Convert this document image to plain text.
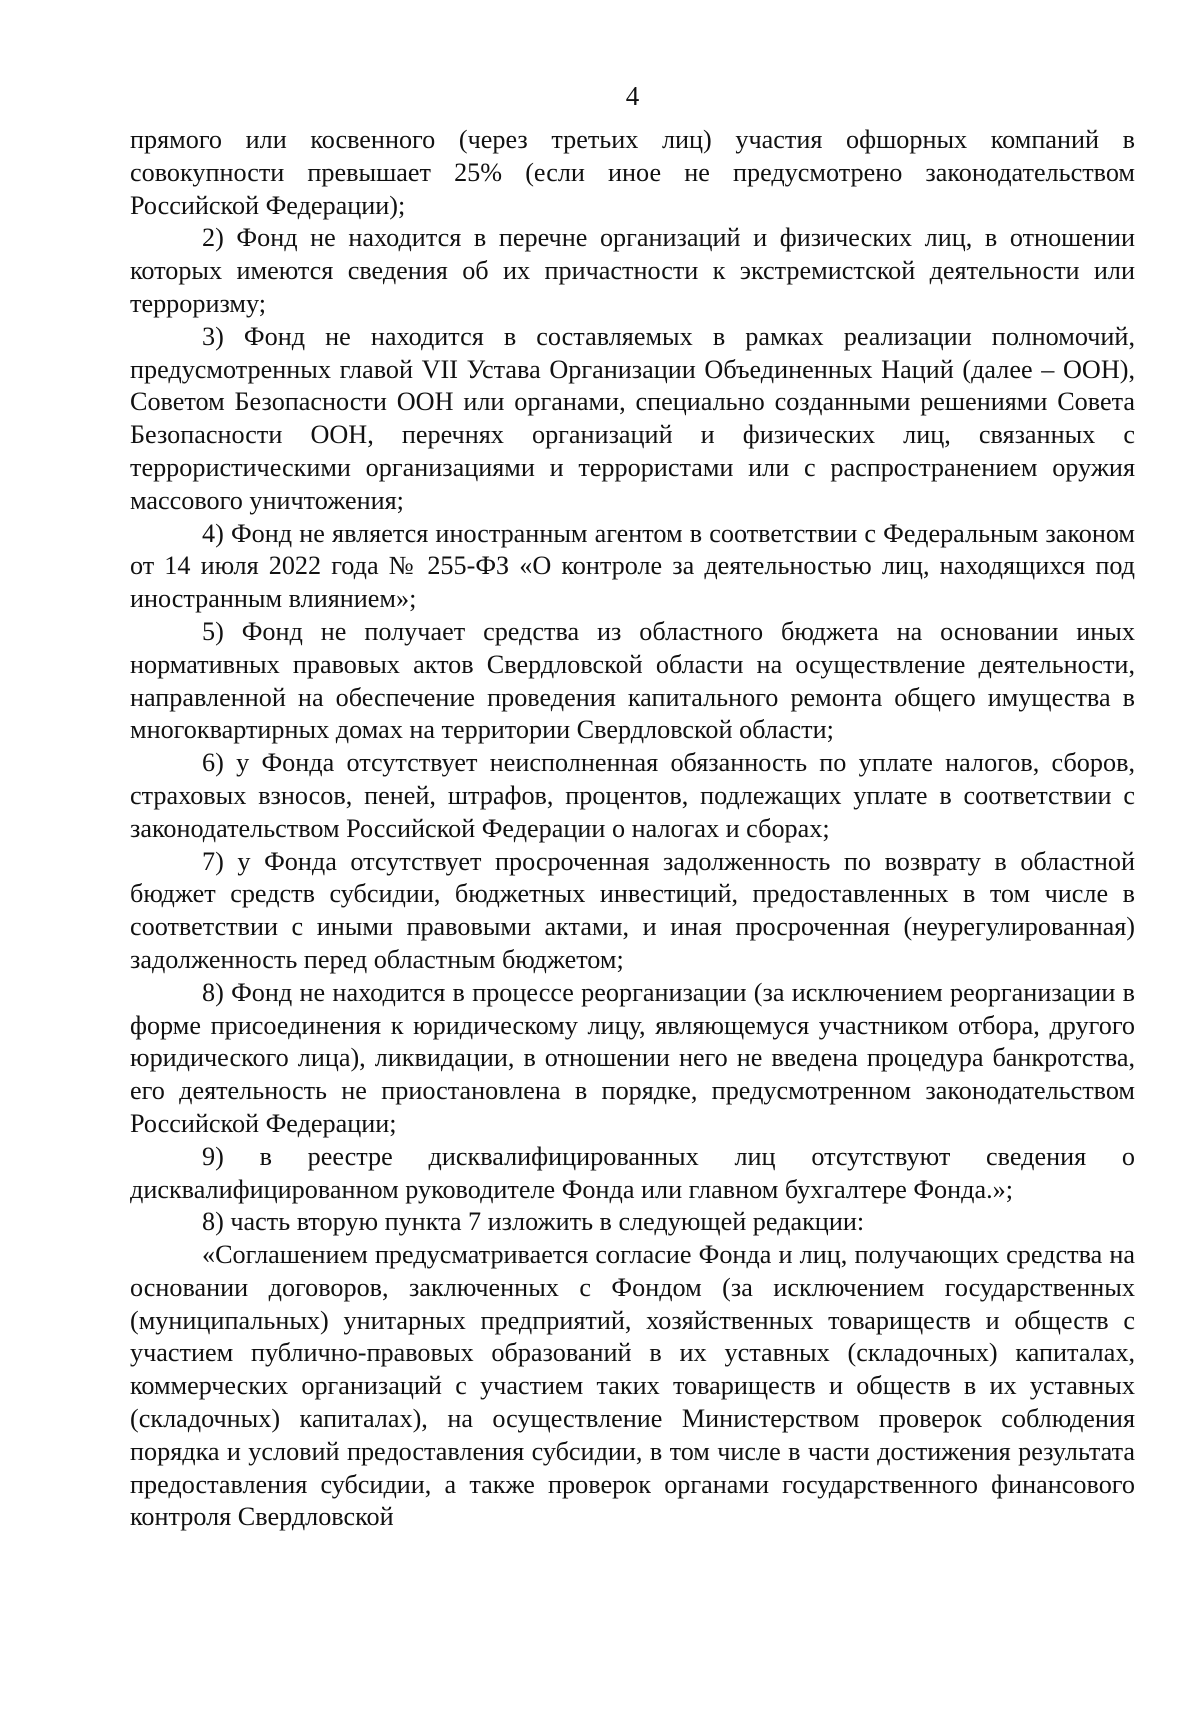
4

прямого или косвенного (через третьих лиц) участия офшорных компаний в совокупности превышает 25% (если иное не предусмотрено законодательством Российской Федерации);

2) Фонд не находится в перечне организаций и физических лиц, в отношении которых имеются сведения об их причастности к экстремистской деятельности или терроризму;

3) Фонд не находится в составляемых в рамках реализации полномочий, предусмотренных главой VII Устава Организации Объединенных Наций (далее – ООН), Советом Безопасности ООН или органами, специально созданными решениями Совета Безопасности ООН, перечнях организаций и физических лиц, связанных с террористическими организациями и террористами или с распространением оружия массового уничтожения;

4) Фонд не является иностранным агентом в соответствии с Федеральным законом от 14 июля 2022 года № 255-ФЗ «О контроле за деятельностью лиц, находящихся под иностранным влиянием»;

5) Фонд не получает средства из областного бюджета на основании иных нормативных правовых актов Свердловской области на осуществление деятельности, направленной на обеспечение проведения капитального ремонта общего имущества в многоквартирных домах на территории Свердловской области;

6) у Фонда отсутствует неисполненная обязанность по уплате налогов, сборов, страховых взносов, пеней, штрафов, процентов, подлежащих уплате в соответствии с законодательством Российской Федерации о налогах и сборах;

7) у Фонда отсутствует просроченная задолженность по возврату в областной бюджет средств субсидии, бюджетных инвестиций, предоставленных в том числе в соответствии с иными правовыми актами, и иная просроченная (неурегулированная) задолженность перед областным бюджетом;

8) Фонд не находится в процессе реорганизации (за исключением реорганизации в форме присоединения к юридическому лицу, являющемуся участником отбора, другого юридического лица), ликвидации, в отношении него не введена процедура банкротства, его деятельность не приостановлена в порядке, предусмотренном законодательством Российской Федерации;

9) в реестре дисквалифицированных лиц отсутствуют сведения о дисквалифицированном руководителе Фонда или главном бухгалтере Фонда.»;

8) часть вторую пункта 7 изложить в следующей редакции:

«Соглашением предусматривается согласие Фонда и лиц, получающих средства на основании договоров, заключенных с Фондом (за исключением государственных (муниципальных) унитарных предприятий, хозяйственных товариществ и обществ с участием публично-правовых образований в их уставных (складочных) капиталах, коммерческих организаций с участием таких товариществ и обществ в их уставных (складочных) капиталах), на осуществление Министерством проверок соблюдения порядка и условий предоставления субсидии, в том числе в части достижения результата предоставления субсидии, а также проверок органами государственного финансового контроля Свердловской
